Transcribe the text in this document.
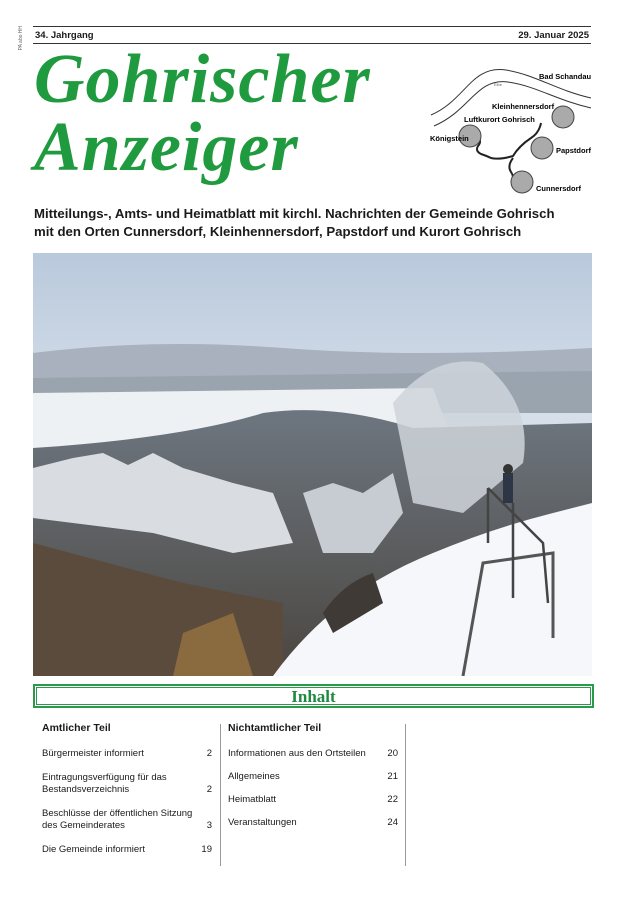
PA abo HH 34. Jahrgang	29. Januar 2025
Gohrischer
Anzeiger
Bad Schandau
Elbe
Kleinhennersdorf
Luftkurort Gohrisch
Königstein
Papstdorf
Cunnersdorf
Mitteilungs-, Amts- und Heimatblatt mit kirchl. Nachrichten der Gemeinde Gohrisch
mit den Orten Cunnersdorf, Kleinhennersdorf, Papstdorf und Kurort Gohrisch
Inhalt
Amtlicher Teil
Bürgermeister informiert	2
Eintragungsverfügung für das Bestandsverzeichnis	2
Beschlüsse der öffentlichen Sitzung des Gemeinderates	3
Die Gemeinde informiert	19
Nichtamtlicher Teil
Informationen aus den Ortsteilen	20
Allgemeines	21
Heimatblatt	22
Veranstaltungen	24
